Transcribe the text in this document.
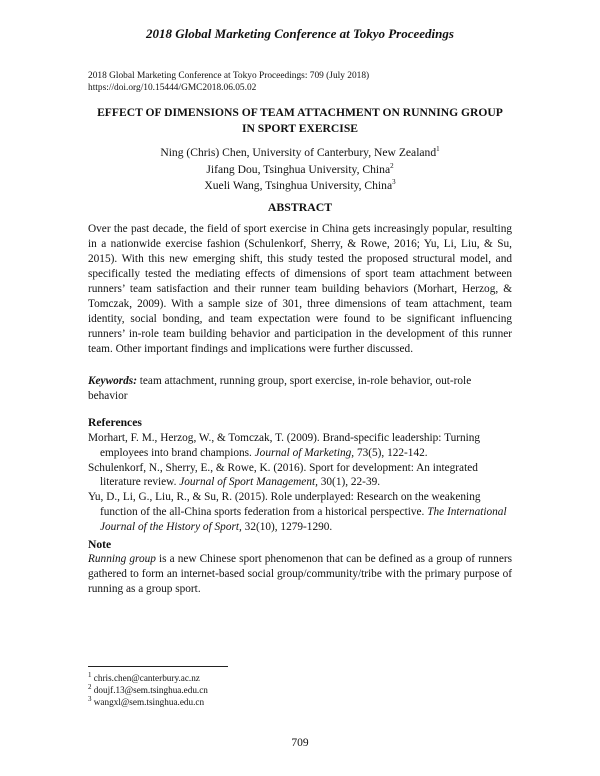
2018 Global Marketing Conference at Tokyo Proceedings
2018 Global Marketing Conference at Tokyo Proceedings: 709 (July 2018)
https://doi.org/10.15444/GMC2018.06.05.02
EFFECT OF DIMENSIONS OF TEAM ATTACHMENT ON RUNNING GROUP
IN SPORT EXERCISE
Ning (Chris) Chen, University of Canterbury, New Zealand$^1$
Jifang Dou, Tsinghua University, China$^2$
Xueli Wang, Tsinghua University, China$^3$
ABSTRACT

Over the past decade, the field of sport exercise in China gets increasingly popular, resulting in a nationwide exercise fashion (Schulenkorf, Sherry, & Rowe, 2016; Yu, Li, Liu, & Su, 2015). With this new emerging shift, this study tested the proposed structural model, and specifically tested the mediating effects of dimensions of sport team attachment between runners’ team satisfaction and their runner team building behaviors (Morhart, Herzog, & Tomczak, 2009). With a sample size of 301, three dimensions of team attachment, team identity, social bonding, and team expectation were found to be significant influencing runners’ in-role team building behavior and participation in the development of this runner team. Other important findings and implications were further discussed.

Keywords: team attachment, running group, sport exercise, in-role behavior, out-role behavior

References
Morhart, F. M., Herzog, W., & Tomczak, T. (2009). Brand-specific leadership: Turning employees into brand champions. Journal of Marketing, 73(5), 122-142.
Schulenkorf, N., Sherry, E., & Rowe, K. (2016). Sport for development: An integrated literature review. Journal of Sport Management, 30(1), 22-39.
Yu, D., Li, G., Liu, R., & Su, R. (2015). Role underplayed: Research on the weakening function of the all-China sports federation from a historical perspective. The International Journal of the History of Sport, 32(10), 1279-1290.
Note

Running group is a new Chinese sport phenomenon that can be defined as a group of runners gathered to form an internet-based social group/community/tribe with the primary purpose of running as a group sport.

$^1$ chris.chen@canterbury.ac.nz
$^2$ doujf.13@sem.tsinghua.edu.cn
$^3$ wangxl@sem.tsinghua.edu.cn
709
